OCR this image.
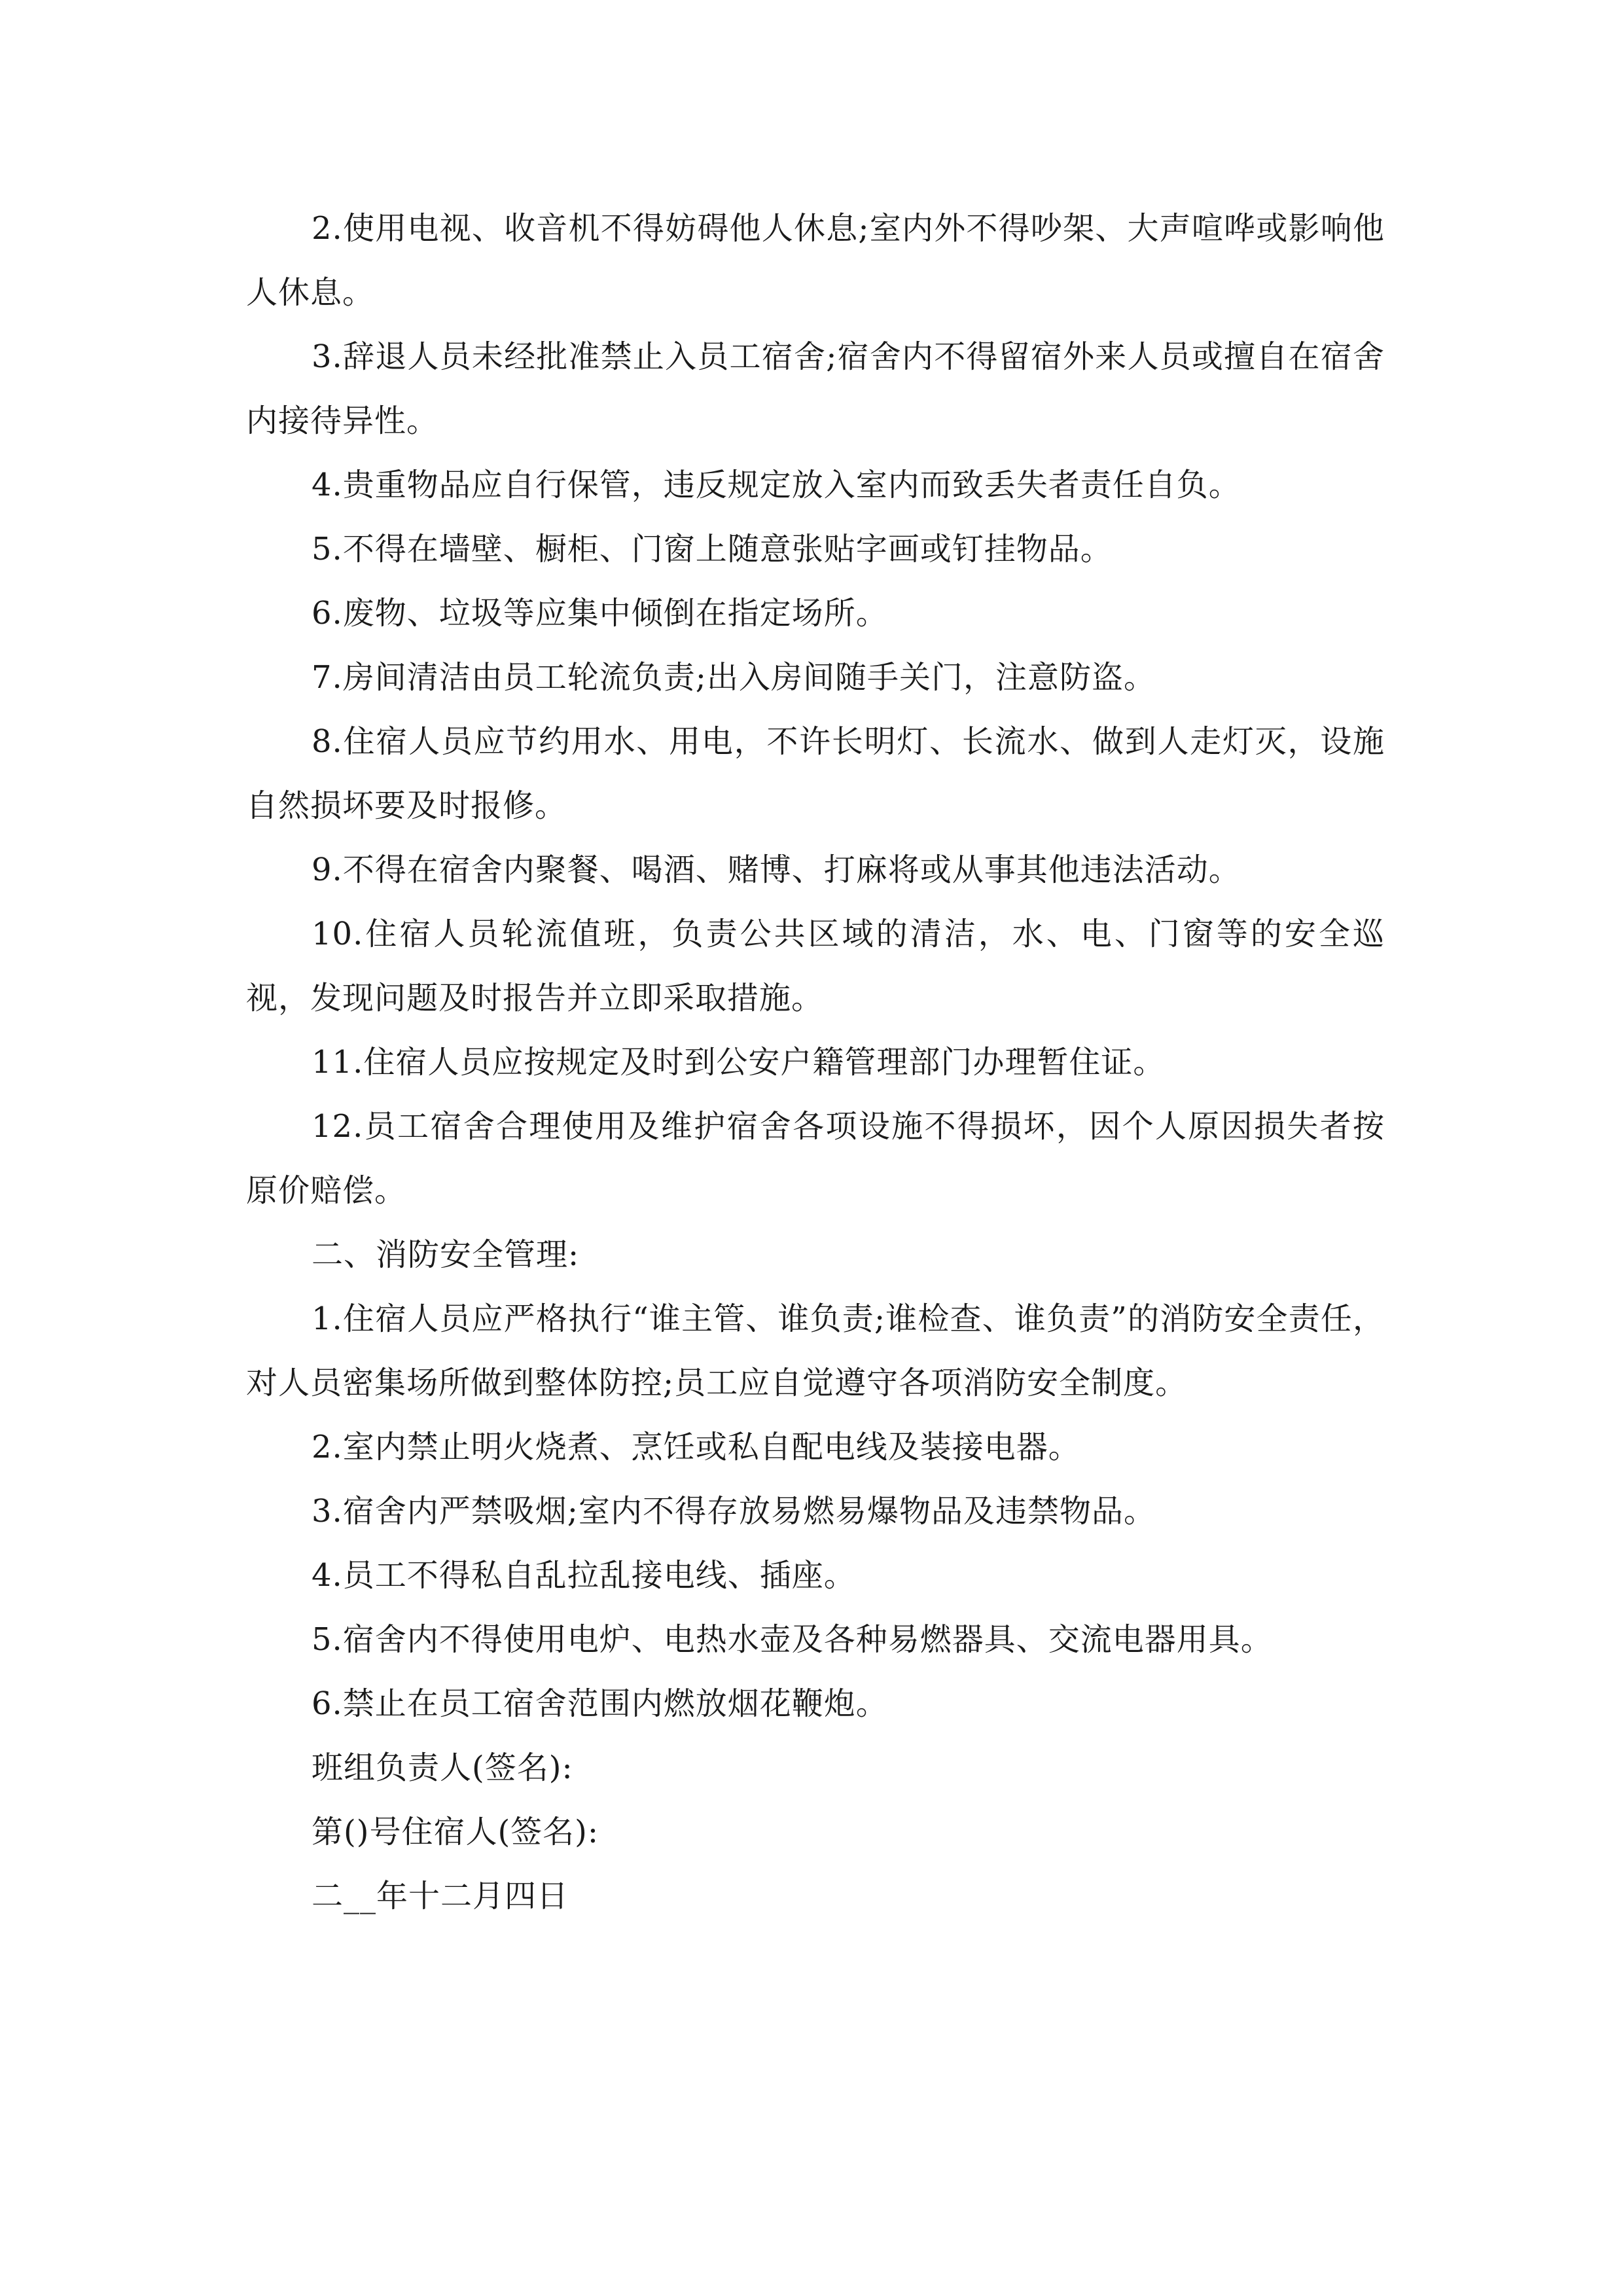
2.使用电视、收音机不得妨碍他人休息;室内外不得吵架、大声喧哗或影响他人休息。

3.辞退人员未经批准禁止入员工宿舍;宿舍内不得留宿外来人员或擅自在宿舍内接待异性。

4.贵重物品应自行保管，违反规定放入室内而致丢失者责任自负。

5.不得在墙壁、橱柜、门窗上随意张贴字画或钉挂物品。

6.废物、垃圾等应集中倾倒在指定场所。

7.房间清洁由员工轮流负责;出入房间随手关门，注意防盗。

8.住宿人员应节约用水、用电，不许长明灯、长流水、做到人走灯灭，设施自然损坏要及时报修。

9.不得在宿舍内聚餐、喝酒、赌博、打麻将或从事其他违法活动。

10.住宿人员轮流值班，负责公共区域的清洁，水、电、门窗等的安全巡视，发现问题及时报告并立即采取措施。

11.住宿人员应按规定及时到公安户籍管理部门办理暂住证。

12.员工宿舍合理使用及维护宿舍各项设施不得损坏，因个人原因损失者按原价赔偿。

二、消防安全管理:

1.住宿人员应严格执行“谁主管、谁负责;谁检查、谁负责”的消防安全责任，对人员密集场所做到整体防控;员工应自觉遵守各项消防安全制度。

2.室内禁止明火烧煮、烹饪或私自配电线及装接电器。

3.宿舍内严禁吸烟;室内不得存放易燃易爆物品及违禁物品。

4.员工不得私自乱拉乱接电线、插座。

5.宿舍内不得使用电炉、电热水壶及各种易燃器具、交流电器用具。

6.禁止在员工宿舍范围内燃放烟花鞭炮。

班组负责人(签名):

第()号住宿人(签名):

二__年十二月四日
